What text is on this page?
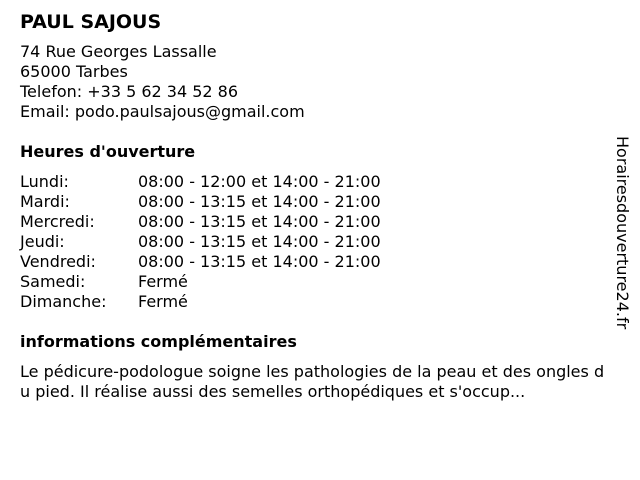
PAUL SAJOUS
74 Rue Georges Lassalle
65000 Tarbes
Telefon: +33 5 62 34 52 86
Email: podo.paulsajous@gmail.com
Heures d'ouverture
Lundi:	08:00 - 12:00 et 14:00 - 21:00
Mardi:	08:00 - 13:15 et 14:00 - 21:00
Mercredi:	08:00 - 13:15 et 14:00 - 21:00
Jeudi:	08:00 - 13:15 et 14:00 - 21:00
Vendredi:	08:00 - 13:15 et 14:00 - 21:00
Samedi:	Fermé
Dimanche:	Fermé
informations complémentaires

Le pédicure-podologue soigne les pathologies de la peau et des ongles du pied. Il réalise aussi des semelles orthopédiques et s'occup...

Horairesdouverture24.fr
